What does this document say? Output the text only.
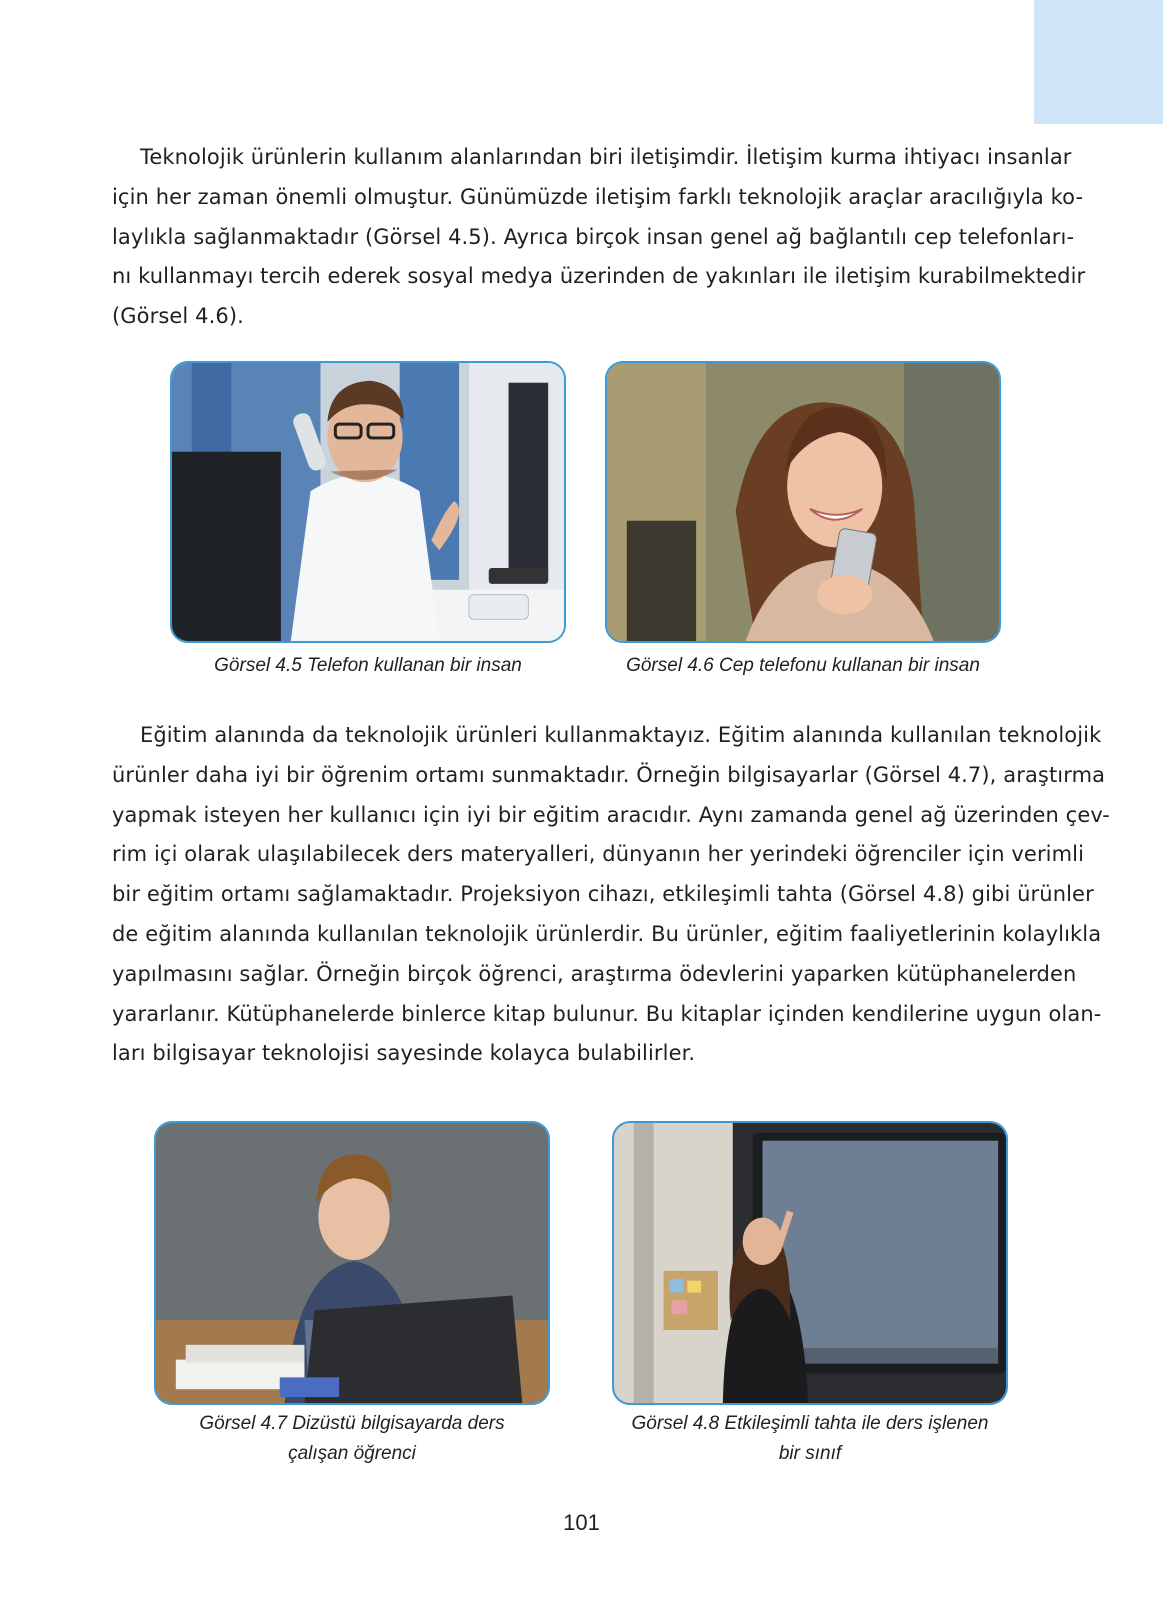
Teknolojik ürünlerin kullanım alanlarından biri iletişimdir. İletişim kurma ihtiyacı insanlar
için her zaman önemli olmuştur. Günümüzde iletişim farklı teknolojik araçlar aracılığıyla ko-
laylıkla sağlanmaktadır (Görsel 4.5). Ayrıca birçok insan genel ağ bağlantılı cep telefonları-
nı kullanmayı tercih ederek sosyal medya üzerinden de yakınları ile iletişim kurabilmektedir
(Görsel 4.6).

Görsel 4.5 Telefon kullanan bir insan	Görsel 4.6 Cep telefonu kullanan bir insan

Eğitim alanında da teknolojik ürünleri kullanmaktayız. Eğitim alanında kullanılan teknolojik
ürünler daha iyi bir öğrenim ortamı sunmaktadır. Örneğin bilgisayarlar (Görsel 4.7), araştırma
yapmak isteyen her kullanıcı için iyi bir eğitim aracıdır. Aynı zamanda genel ağ üzerinden çev-
rim içi olarak ulaşılabilecek ders materyalleri, dünyanın her yerindeki öğrenciler için verimli
bir eğitim ortamı sağlamaktadır. Projeksiyon cihazı, etkileşimli tahta (Görsel 4.8) gibi ürünler
de eğitim alanında kullanılan teknolojik ürünlerdir. Bu ürünler, eğitim faaliyetlerinin kolaylıkla
yapılmasını sağlar. Örneğin birçok öğrenci, araştırma ödevlerini yaparken kütüphanelerden
yararlanır. Kütüphanelerde binlerce kitap bulunur. Bu kitaplar içinden kendilerine uygun olan-
ları bilgisayar teknolojisi sayesinde kolayca bulabilirler.

Görsel 4.7 Dizüstü bilgisayarda ders
çalışan öğrenci

Görsel 4.8 Etkileşimli tahta ile ders işlenen
bir sınıf

101
